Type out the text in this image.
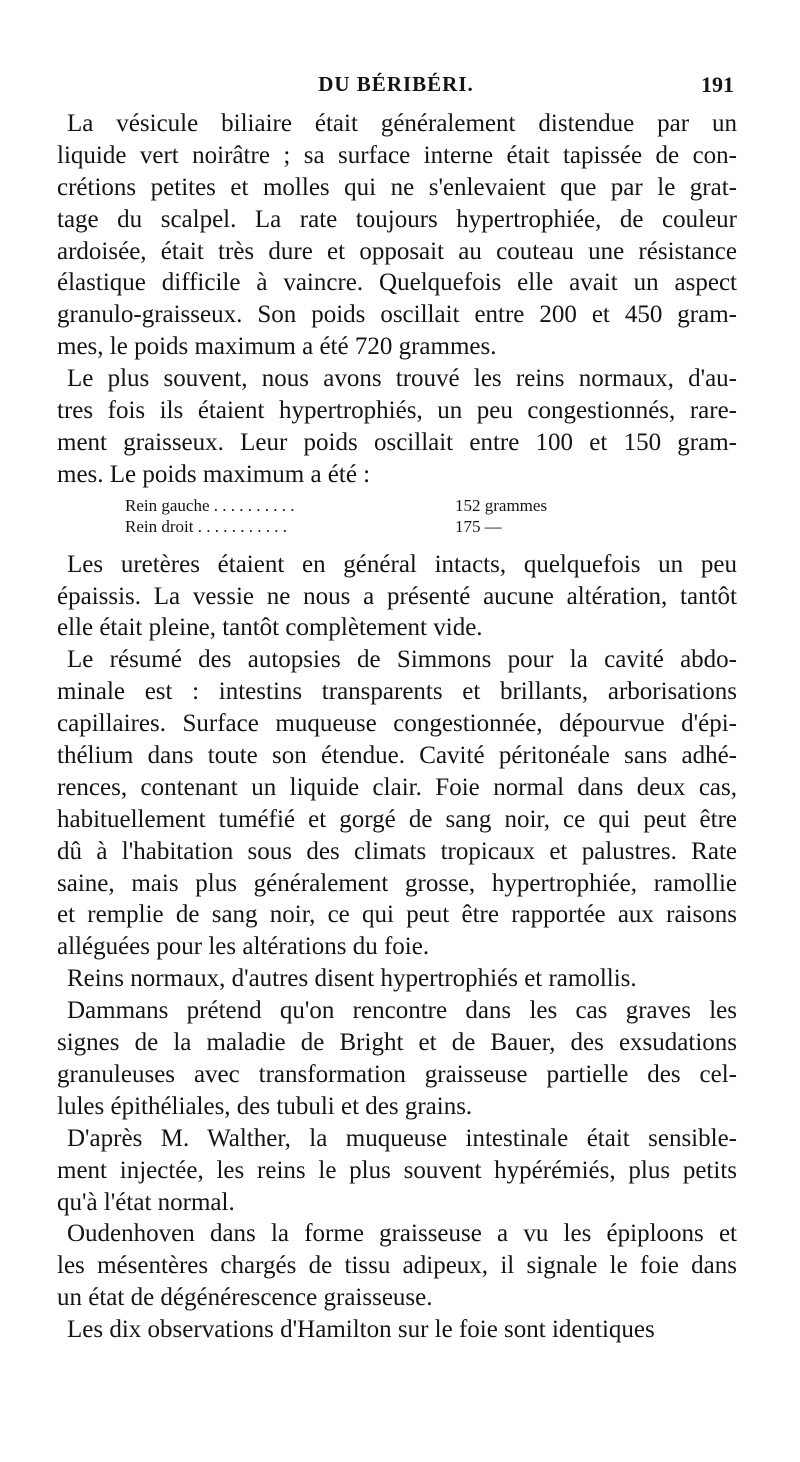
DU BÉRIBÉRI.	191
La vésicule biliaire était généralement distendue par un
liquide vert noirâtre ; sa surface interne était tapissée de con-
crétions petites et molles qui ne s'enlevaient que par le grat-
tage du scalpel. La rate toujours hypertrophiée, de couleur
ardoisée, était très dure et opposait au couteau une résistance
élastique difficile à vaincre. Quelquefois elle avait un aspect
granulo-graisseux. Son poids oscillait entre 200 et 450 gram-
mes, le poids maximum a été 720 grammes.
Le plus souvent, nous avons trouvé les reins normaux, d'au-
tres fois ils étaient hypertrophiés, un peu congestionnés, rare-
ment graisseux. Leur poids oscillait entre 100 et 150 gram-
mes. Le poids maximum a été :
Rein gauche . . . . . . . . . .	152 grammes
Rein droit . . . . . . . . . . .	175 —
Les uretères étaient en général intacts, quelquefois un peu
épaissis. La vessie ne nous a présenté aucune altération, tantôt
elle était pleine, tantôt complètement vide.
Le résumé des autopsies de Simmons pour la cavité abdo-
minale est : intestins transparents et brillants, arborisations
capillaires. Surface muqueuse congestionnée, dépourvue d'épi-
thélium dans toute son étendue. Cavité péritonéale sans adhé-
rences, contenant un liquide clair. Foie normal dans deux cas,
habituellement tuméfié et gorgé de sang noir, ce qui peut être
dû à l'habitation sous des climats tropicaux et palustres. Rate
saine, mais plus généralement grosse, hypertrophiée, ramollie
et remplie de sang noir, ce qui peut être rapportée aux raisons
alléguées pour les altérations du foie.
Reins normaux, d'autres disent hypertrophiés et ramollis.
Dammans prétend qu'on rencontre dans les cas graves les
signes de la maladie de Bright et de Bauer, des exsudations
granuleuses avec transformation graisseuse partielle des cel-
lules épithéliales, des tubuli et des grains.
D'après M. Walther, la muqueuse intestinale était sensible-
ment injectée, les reins le plus souvent hypérémiés, plus petits
qu'à l'état normal.
Oudenhoven dans la forme graisseuse a vu les épiploons et
les mésentères chargés de tissu adipeux, il signale le foie dans
un état de dégénérescence graisseuse.
Les dix observations d'Hamilton sur le foie sont identiques
